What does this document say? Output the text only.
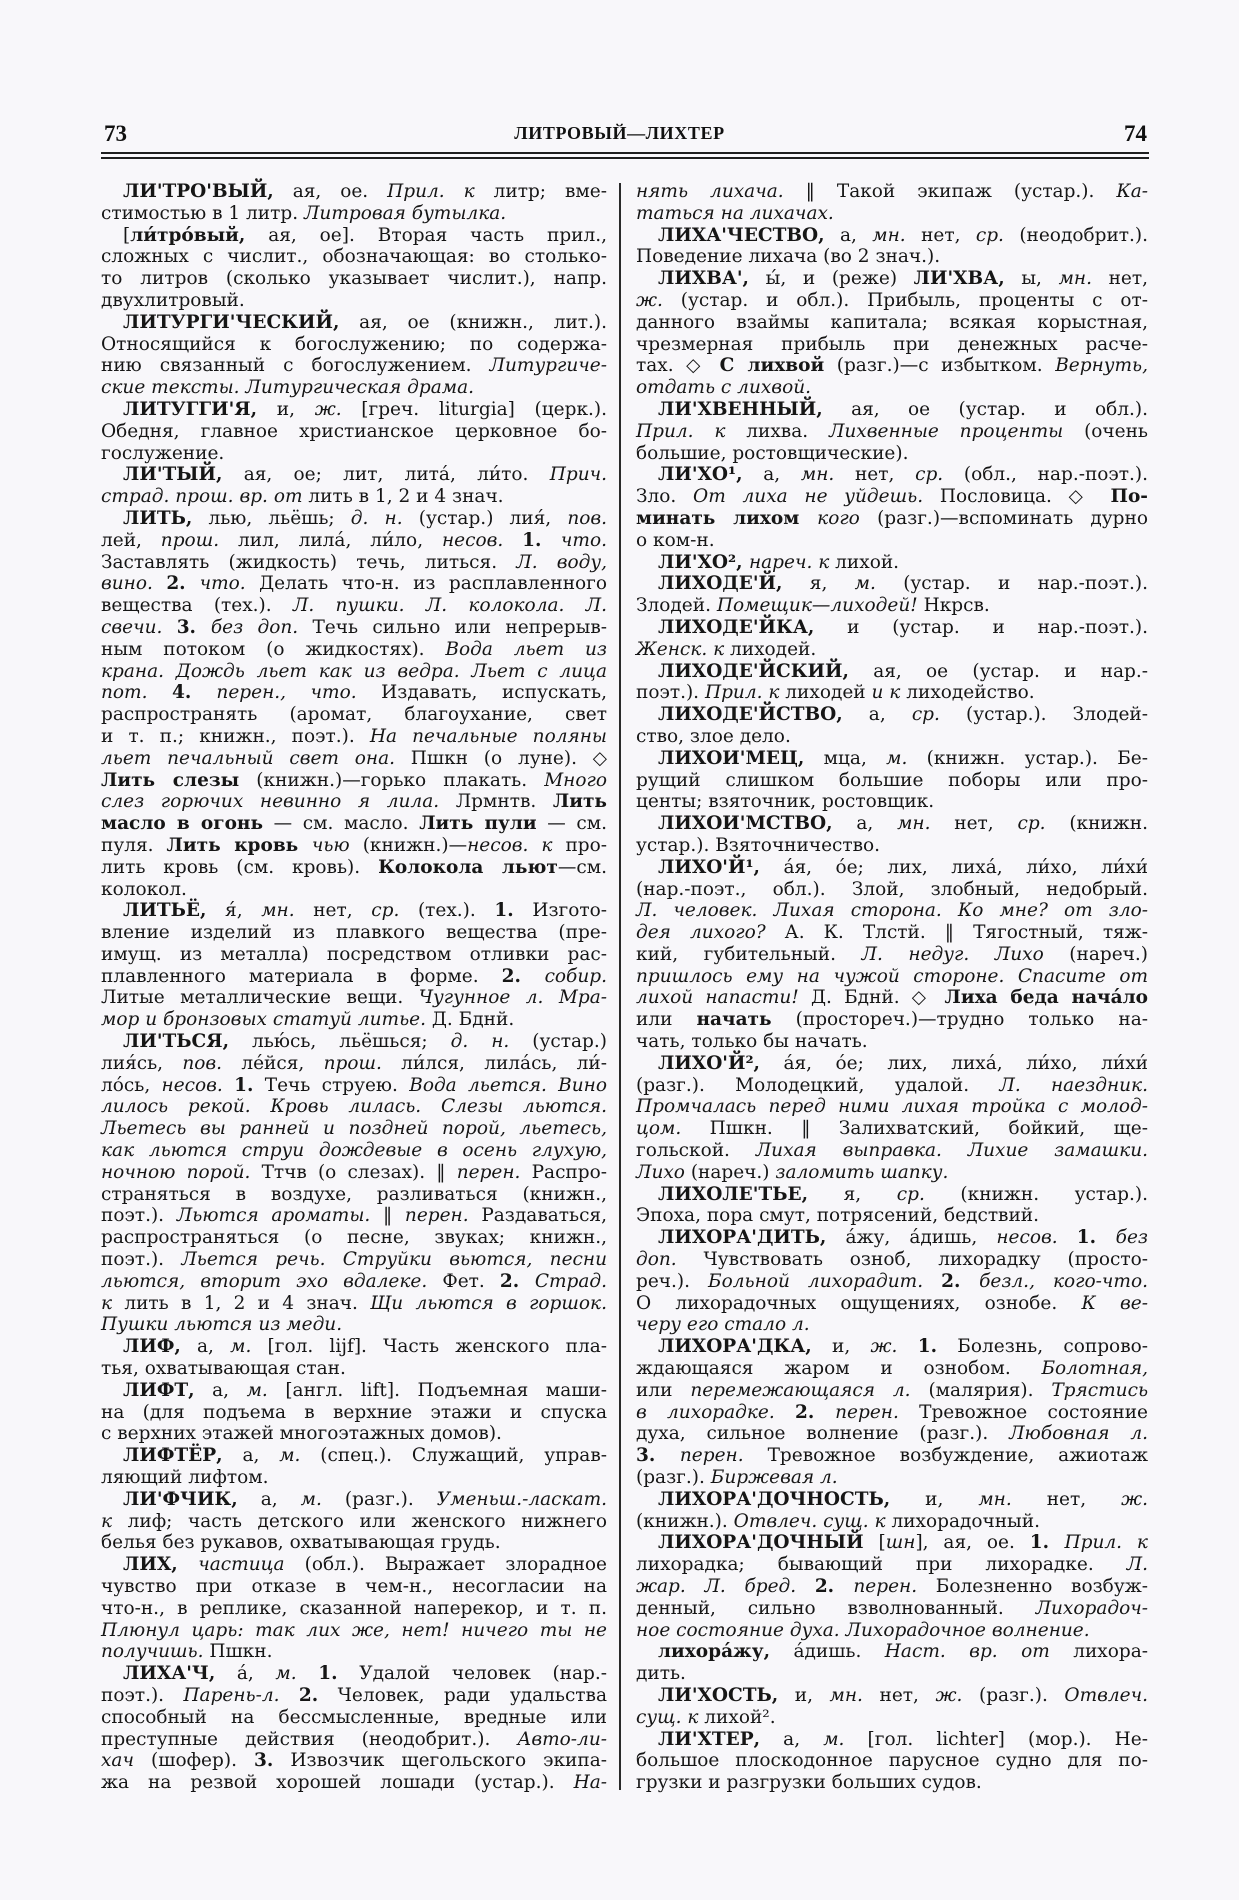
73	ЛИТРОВЫЙ—ЛИХТЕР	74
ЛИ'ТРО'ВЫЙ, ая, ое. Прил. к литр; вме-
стимостью в 1 литр. Литровая бутылка.
[ли́тро́вый, ая, ое]. Вторая часть прил.,
сложных с числит., обозначающая: во столько-
то литров (сколько указывает числит.), напр.
двухлитровый.
ЛИТУРГИ'ЧЕСКИЙ, ая, ое (книжн., лит.).
Относящийся к богослужению; по содержа-
нию связанный с богослужением. Литургиче-
ские тексты. Литургическая драма.
ЛИТУГГИ'Я, и, ж. [греч. liturgia] (церк.).
Обедня, главное христианское церковное бо-
гослужение.
ЛИ'ТЫЙ, ая, ое; лит, лита́, ли́то. Прич.
страд. прош. вр. от лить в 1, 2 и 4 знач.
ЛИТЬ, лью, льёшь; д. н. (устар.) лия́, пов.
лей, прош. лил, лила́, ли́ло, несов. 1. что.
Заставлять (жидкость) течь, литься. Л. воду,
вино. 2. что. Делать что-н. из расплавленного
вещества (тех.). Л. пушки. Л. колокола. Л.
свечи. 3. без доп. Течь сильно или непрерыв-
ным потоком (о жидкостях). Вода льет из
крана. Дождь льет как из ведра. Льет с лица
пот. 4. перен., что. Издавать, испускать,
распространять (аромат, благоухание, свет
и т. п.; книжн., поэт.). На печальные поляны
льет печальный свет она. Пшкн (о луне). ◇
Лить слезы (книжн.)—горько плакать. Много
слез горючих невинно я лила. Лрмнтв. Лить
масло в огонь — см. масло. Лить пули — см.
пуля. Лить кровь чью (книжн.)—несов. к про-
лить кровь (см. кровь). Колокола льют—см.
колокол.
ЛИТЬЁ, я́, мн. нет, ср. (тех.). 1. Изгото-
вление изделий из плавкого вещества (пре-
имущ. из металла) посредством отливки рас-
плавленного материала в форме. 2. собир.
Литые металлические вещи. Чугунное л. Мра-
мор и бронзовых статуй литье. Д. Бднй.
ЛИ'ТЬСЯ, лью́сь, льёшься; д. н. (устар.)
лия́сь, пов. ле́йся, прош. ли́лся, лила́сь, ли́-
ло́сь, несов. 1. Течь струею. Вода льется. Вино
лилось рекой. Кровь лилась. Слезы льются.
Льетесь вы ранней и поздней порой, льетесь,
как льются струи дождевые в осень глухую,
ночною порой. Ттчв (о слезах). ‖ перен. Распро-
страняться в воздухе, разливаться (книжн.,
поэт.). Льются ароматы. ‖ перен. Раздаваться,
распространяться (о песне, звуках; книжн.,
поэт.). Льется речь. Струйки вьются, песни
льются, вторит эхо вдалеке. Фет. 2. Страд.
к лить в 1, 2 и 4 знач. Щи льются в горшок.
Пушки льются из меди.
ЛИФ, а, м. [гол. lijf]. Часть женского пла-
тья, охватывающая стан.
ЛИФТ, а, м. [англ. lift]. Подъемная маши-
на (для подъема в верхние этажи и спуска
с верхних этажей многоэтажных домов).
ЛИФТЁР, а, м. (спец.). Служащий, управ-
ляющий лифтом.
ЛИ'ФЧИК, а, м. (разг.). Уменьш.-ласкат.
к лиф; часть детского или женского нижнего
белья без рукавов, охватывающая грудь.
ЛИХ, частица (обл.). Выражает злорадное
чувство при отказе в чем-н., несогласии на
что-н., в реплике, сказанной наперекор, и т. п.
Плюнул царь: так лих же, нет! ничего ты не
получишь. Пшкн.
ЛИХА'Ч, а́, м. 1. Удалой человек (нар.-
поэт.). Парень-л. 2. Человек, ради удальства
способный на бессмысленные, вредные или
преступные действия (неодобрит.). Авто-ли-
хач (шофер). 3. Извозчик щегольского экипа-
жа на резвой хорошей лошади (устар.). На-
нять лихача. ‖ Такой экипаж (устар.). Ка-
таться на лихачах.
ЛИХА'ЧЕСТВО, а, мн. нет, ср. (неодобрит.).
Поведение лихача (во 2 знач.).
ЛИХВА', ы́, и (реже) ЛИ'ХВА, ы, мн. нет,
ж. (устар. и обл.). Прибыль, проценты с от-
данного взаймы капитала; всякая корыстная,
чрезмерная прибыль при денежных расче-
тах. ◇ С лихвой (разг.)—с избытком. Вернуть,
отдать с лихвой.
ЛИ'ХВЕННЫЙ, ая, ое (устар. и обл.).
Прил. к лихва. Лихвенные проценты (очень
большие, ростовщические).
ЛИ'ХО¹, а, мн. нет, ср. (обл., нар.-поэт.).
Зло. От лиха не уйдешь. Пословица. ◇ По-
минать лихом кого (разг.)—вспоминать дурно
о ком-н.
ЛИ'ХО², нареч. к лихой.
ЛИХОДЕ'Й, я, м. (устар. и нар.-поэт.).
Злодей. Помещик—лиходей! Нкрсв.
ЛИХОДЕ'ЙКА, и (устар. и нар.-поэт.).
Женск. к лиходей.
ЛИХОДЕ'ЙСКИЙ, ая, ое (устар. и нар.-
поэт.). Прил. к лиходей и к лиходейство.
ЛИХОДЕ'ЙСТВО, а, ср. (устар.). Злодей-
ство, злое дело.
ЛИХОИ'МЕЦ, мца, м. (книжн. устар.). Бе-
рущий слишком большие поборы или про-
центы; взяточник, ростовщик.
ЛИХОИ'МСТВО, а, мн. нет, ср. (книжн.
устар.). Взяточничество.
ЛИХО'Й¹, а́я, о́е; лих, лиха́, ли́хо, ли́хи́
(нар.-поэт., обл.). Злой, злобный, недобрый.
Л. человек. Лихая сторона. Ко мне? от зло-
дея лихого? А. К. Тлстй. ‖ Тягостный, тяж-
кий, губительный. Л. недуг. Лихо (нареч.)
пришлось ему на чужой стороне. Спасите от
лихой напасти! Д. Бднй. ◇ Лиха беда нача́ло
или начать (простореч.)—трудно только на-
чать, только бы начать.
ЛИХО'Й², а́я, о́е; лих, лиха́, ли́хо, ли́хи́
(разг.). Молодецкий, удалой. Л. наездник.
Промчалась перед ними лихая тройка с молод-
цом. Пшкн. ‖ Залихватский, бойкий, ще-
гольской. Лихая выправка. Лихие замашки.
Лихо (нареч.) заломить шапку.
ЛИХОЛЕ'ТЬЕ, я, ср. (книжн. устар.).
Эпоха, пора смут, потрясений, бедствий.
ЛИХОРА'ДИТЬ, а́жу, а́дишь, несов. 1. без
доп. Чувствовать озноб, лихорадку (просто-
реч.). Больной лихорадит. 2. безл., кого-что.
О лихорадочных ощущениях, ознобе. К ве-
черу его стало л.
ЛИХОРА'ДКА, и, ж. 1. Болезнь, сопрово-
ждающаяся жаром и ознобом. Болотная,
или перемежающаяся л. (малярия). Трястись
в лихорадке. 2. перен. Тревожное состояние
духа, сильное волнение (разг.). Любовная л.
3. перен. Тревожное возбуждение, ажиотаж
(разг.). Биржевая л.
ЛИХОРА'ДОЧНОСТЬ, и, мн. нет, ж.
(книжн.). Отвлеч. сущ. к лихорадочный.
ЛИХОРА'ДОЧНЫЙ [шн], ая, ое. 1. Прил. к
лихорадка; бывающий при лихорадке. Л.
жар. Л. бред. 2. перен. Болезненно возбуж-
денный, сильно взволнованный. Лихорадоч-
ное состояние духа. Лихорадочное волнение.
лихора́жу, а́дишь. Наст. вр. от лихора-
дить.
ЛИ'ХОСТЬ, и, мн. нет, ж. (разг.). Отвлеч.
сущ. к лихой².
ЛИ'ХТЕР, а, м. [гол. lichter] (мор.). Не-
большое плоскодонное парусное судно для по-
грузки и разгрузки больших судов.
